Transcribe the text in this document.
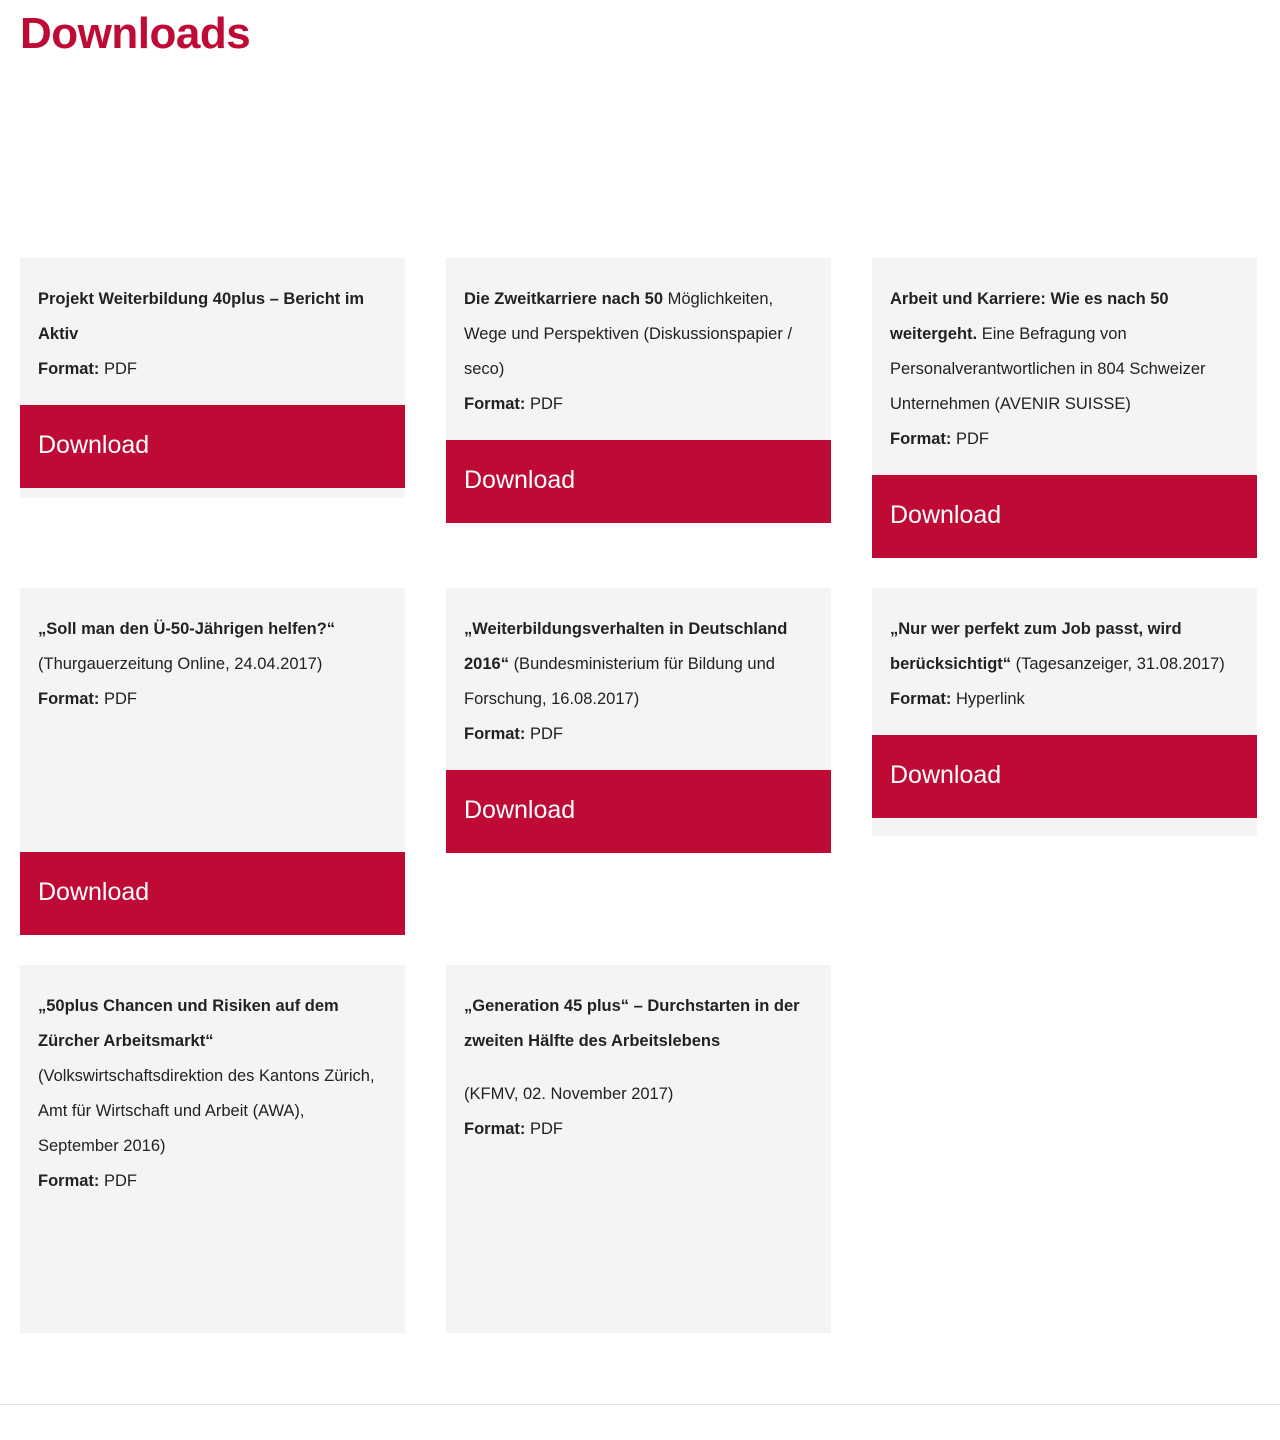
Downloads
Projekt Weiterbildung 40plus – Bericht im Aktiv
Format: PDF
Download
Die Zweitkarriere nach 50 Möglichkeiten, Wege und Perspektiven (Diskussionspapier / seco)
Format: PDF
Download
Arbeit und Karriere: Wie es nach 50 weitergeht. Eine Befragung von Personalverantwortlichen in 804 Schweizer Unternehmen (AVENIR SUISSE)
Format: PDF
Download
„Soll man den Ü-50-Jährigen helfen?“ (Thurgauerzeitung Online, 24.04.2017)
Format: PDF
Download
„Weiterbildungsverhalten in Deutschland 2016“ (Bundesministerium für Bildung und Forschung, 16.08.2017)
Format: PDF
Download
„Nur wer perfekt zum Job passt, wird berücksichtigt“ (Tagesanzeiger, 31.08.2017)
Format: Hyperlink
Download
„50plus Chancen und Risiken auf dem Zürcher Arbeitsmarkt“ (Volkswirtschaftsdirektion des Kantons Zürich, Amt für Wirtschaft und Arbeit (AWA), September 2016)
Format: PDF
„Generation 45 plus“ – Durchstarten in der zweiten Hälfte des Arbeitslebens
(KFMV, 02. November 2017)
Format: PDF
